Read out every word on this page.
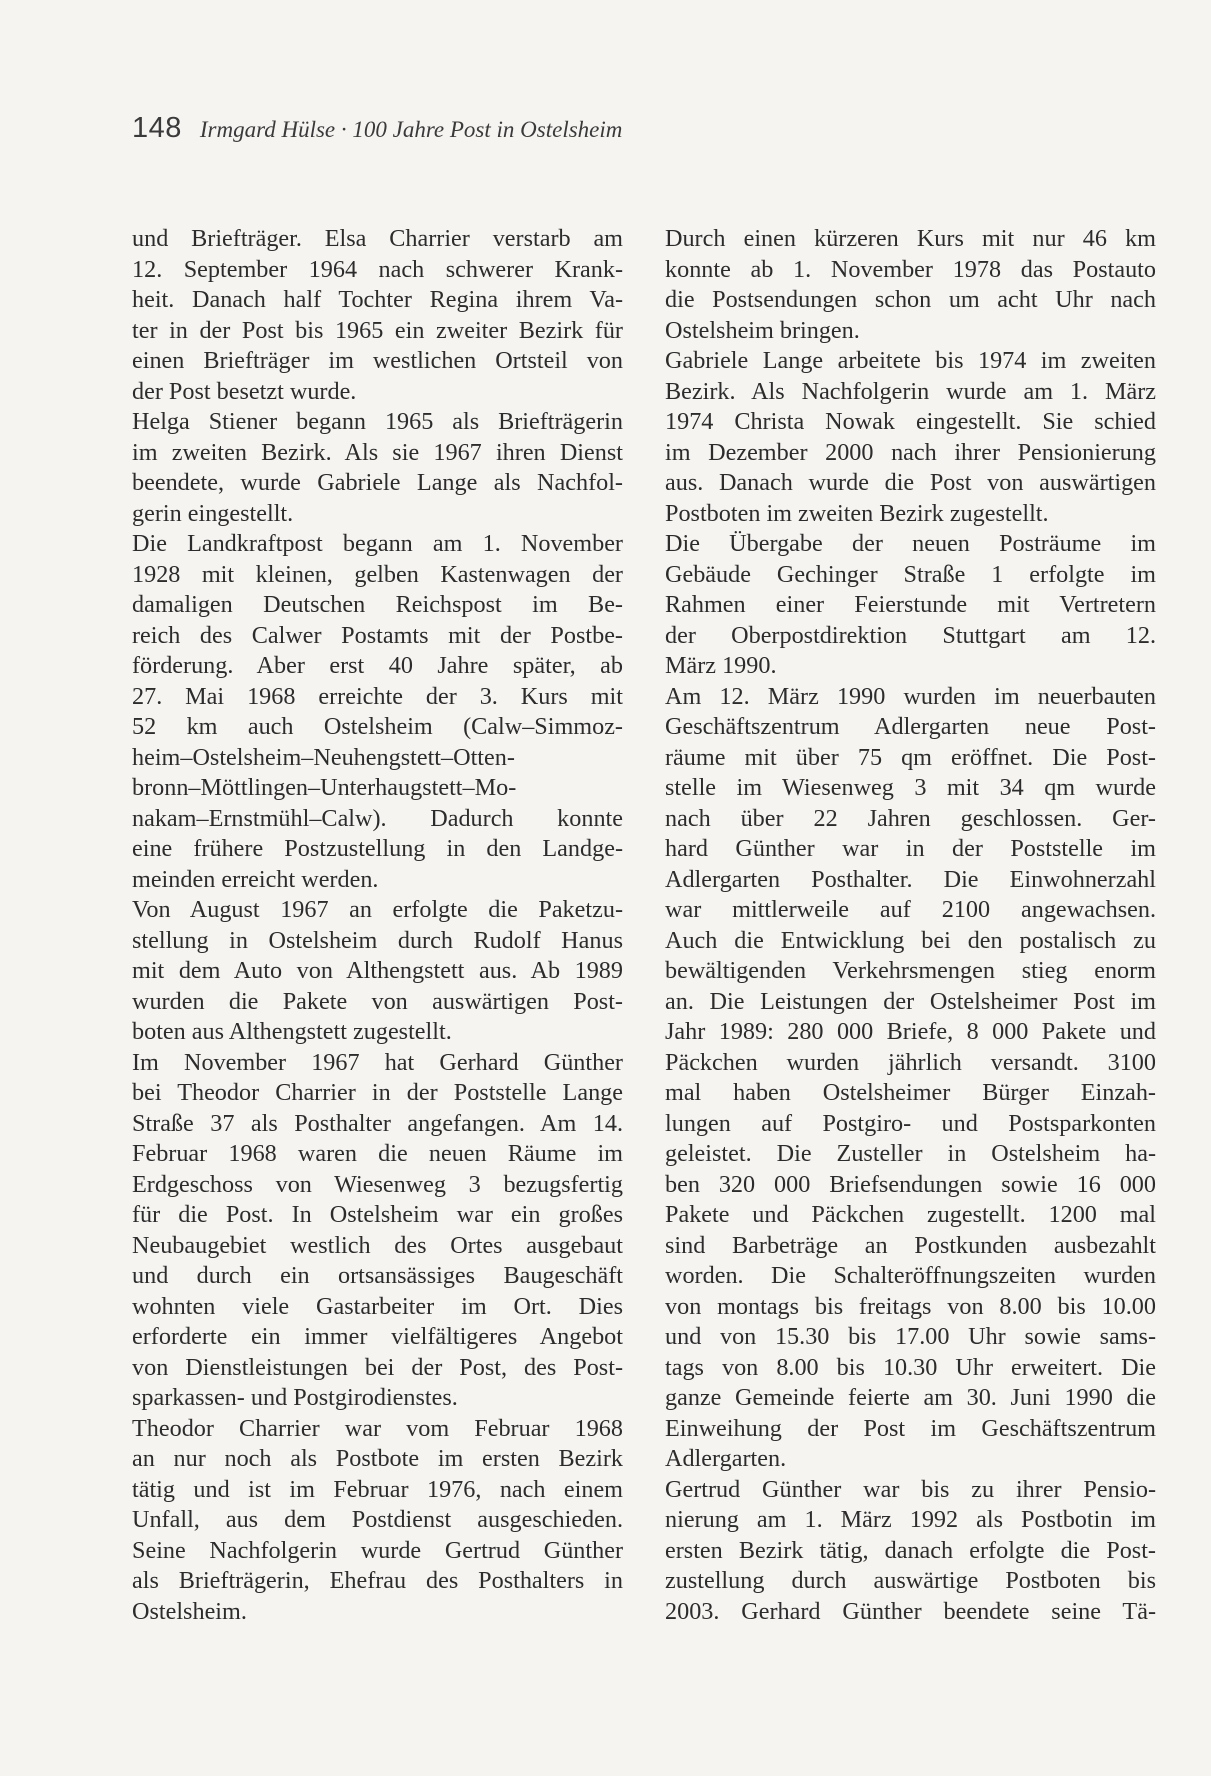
148 Irmgard Hülse · 100 Jahre Post in Ostelsheim
und Briefträger. Elsa Charrier verstarb am
12. September 1964 nach schwerer Krank-
heit. Danach half Tochter Regina ihrem Va-
ter in der Post bis 1965 ein zweiter Bezirk für
einen Briefträger im westlichen Ortsteil von
der Post besetzt wurde.
Helga Stiener begann 1965 als Briefträgerin
im zweiten Bezirk. Als sie 1967 ihren Dienst
beendete, wurde Gabriele Lange als Nachfol-
gerin eingestellt.
Die Landkraftpost begann am 1. November
1928 mit kleinen, gelben Kastenwagen der
damaligen Deutschen Reichspost im Be-
reich des Calwer Postamts mit der Postbe-
förderung. Aber erst 40 Jahre später, ab
27. Mai 1968 erreichte der 3. Kurs mit
52 km auch Ostelsheim (Calw–Simmoz-
heim–Ostelsheim–Neuhengstett–Otten-
bronn–Möttlingen–Unterhaugstett–Mo-
nakam–Ernstmühl–Calw). Dadurch konnte
eine frühere Postzustellung in den Landge-
meinden erreicht werden.
Von August 1967 an erfolgte die Paketzu-
stellung in Ostelsheim durch Rudolf Hanus
mit dem Auto von Althengstett aus. Ab 1989
wurden die Pakete von auswärtigen Post-
boten aus Althengstett zugestellt.
Im November 1967 hat Gerhard Günther
bei Theodor Charrier in der Poststelle Lange
Straße 37 als Posthalter angefangen. Am 14.
Februar 1968 waren die neuen Räume im
Erdgeschoss von Wiesenweg 3 bezugsfertig
für die Post. In Ostelsheim war ein großes
Neubaugebiet westlich des Ortes ausgebaut
und durch ein ortsansässiges Baugeschäft
wohnten viele Gastarbeiter im Ort. Dies
erforderte ein immer vielfältigeres Angebot
von Dienstleistungen bei der Post, des Post-
sparkassen- und Postgirodienstes.
Theodor Charrier war vom Februar 1968
an nur noch als Postbote im ersten Bezirk
tätig und ist im Februar 1976, nach einem
Unfall, aus dem Postdienst ausgeschieden.
Seine Nachfolgerin wurde Gertrud Günther
als Briefträgerin, Ehefrau des Posthalters in
Ostelsheim.
Durch einen kürzeren Kurs mit nur 46 km
konnte ab 1. November 1978 das Postauto
die Postsendungen schon um acht Uhr nach
Ostelsheim bringen.
Gabriele Lange arbeitete bis 1974 im zweiten
Bezirk. Als Nachfolgerin wurde am 1. März
1974 Christa Nowak eingestellt. Sie schied
im Dezember 2000 nach ihrer Pensionierung
aus. Danach wurde die Post von auswärtigen
Postboten im zweiten Bezirk zugestellt.
Die Übergabe der neuen Posträume im
Gebäude Gechinger Straße 1 erfolgte im
Rahmen einer Feierstunde mit Vertretern
der Oberpostdirektion Stuttgart am 12.
März 1990.
Am 12. März 1990 wurden im neuerbauten
Geschäftszentrum Adlergarten neue Post-
räume mit über 75 qm eröffnet. Die Post-
stelle im Wiesenweg 3 mit 34 qm wurde
nach über 22 Jahren geschlossen. Ger-
hard Günther war in der Poststelle im
Adlergarten Posthalter. Die Einwohnerzahl
war mittlerweile auf 2100 angewachsen.
Auch die Entwicklung bei den postalisch zu
bewältigenden Verkehrsmengen stieg enorm
an. Die Leistungen der Ostelsheimer Post im
Jahr 1989: 280 000 Briefe, 8 000 Pakete und
Päckchen wurden jährlich versandt. 3100
mal haben Ostelsheimer Bürger Einzah-
lungen auf Postgiro- und Postsparkonten
geleistet. Die Zusteller in Ostelsheim ha-
ben 320 000 Briefsendungen sowie 16 000
Pakete und Päckchen zugestellt. 1200 mal
sind Barbeträge an Postkunden ausbezahlt
worden. Die Schalteröffnungszeiten wurden
von montags bis freitags von 8.00 bis 10.00
und von 15.30 bis 17.00 Uhr sowie sams-
tags von 8.00 bis 10.30 Uhr erweitert. Die
ganze Gemeinde feierte am 30. Juni 1990 die
Einweihung der Post im Geschäftszentrum
Adlergarten.
Gertrud Günther war bis zu ihrer Pensio-
nierung am 1. März 1992 als Postbotin im
ersten Bezirk tätig, danach erfolgte die Post-
zustellung durch auswärtige Postboten bis
2003. Gerhard Günther beendete seine Tä-
